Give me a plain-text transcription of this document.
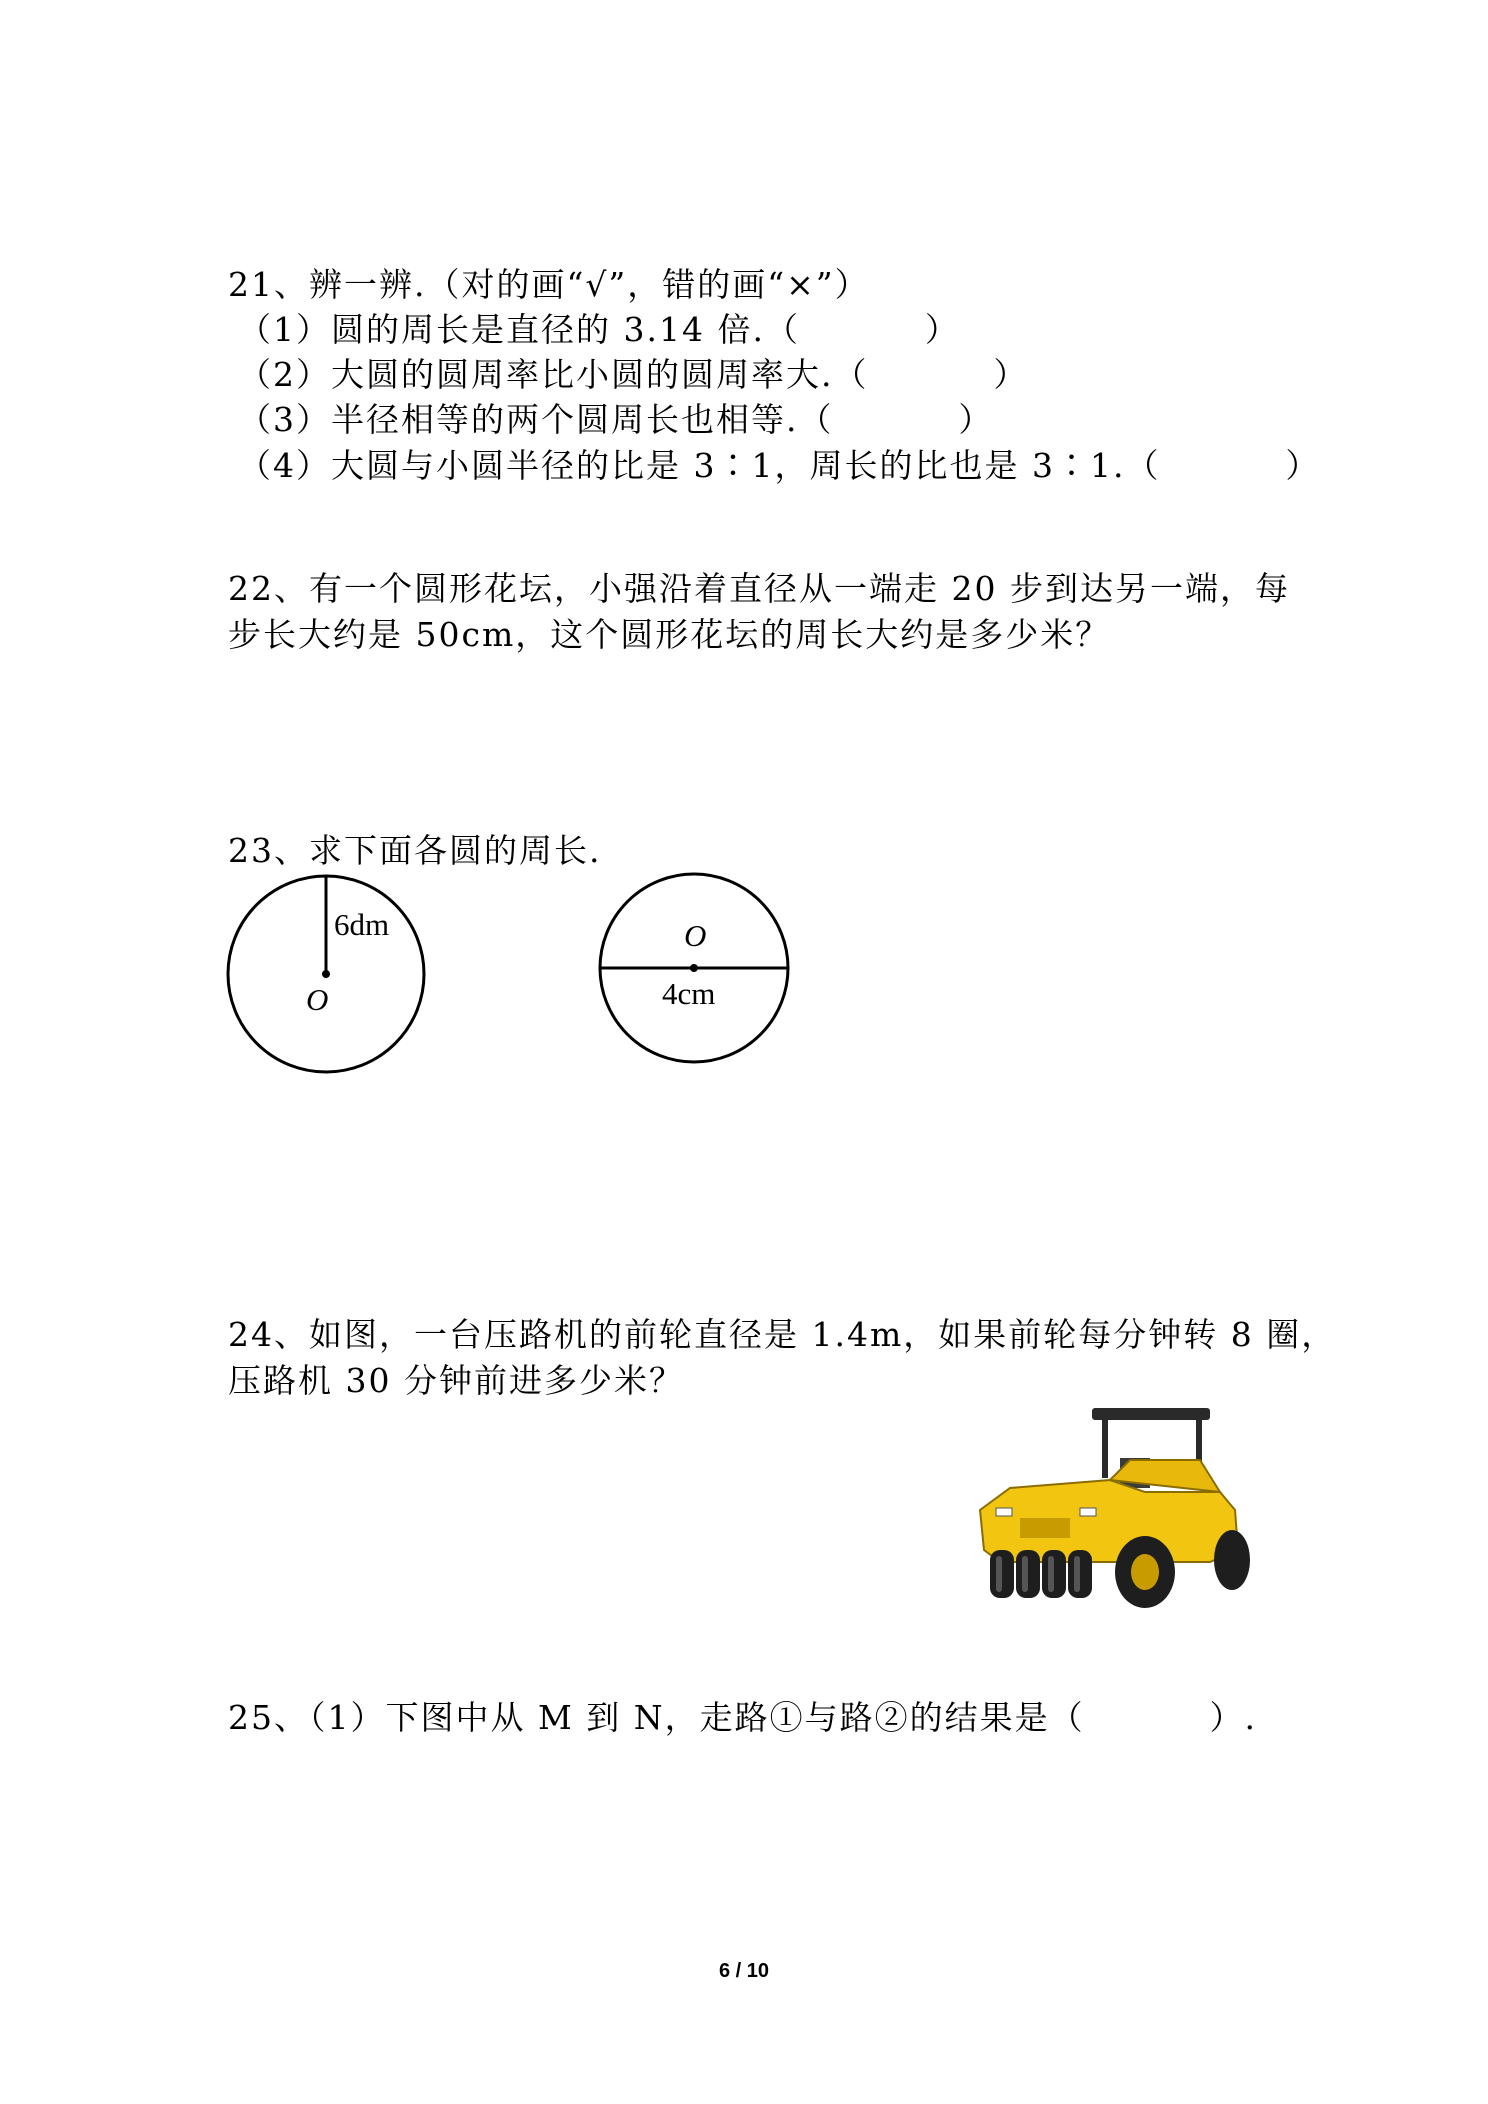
21、辨一辨.（对的画“√”，错的画“×”）
（1）圆的周长是直径的 3.14 倍.（          ）
（2）大圆的圆周率比小圆的圆周率大.（          ）
（3）半径相等的两个圆周长也相等.（          ）
（4）大圆与小圆半径的比是 3∶1，周长的比也是 3∶1.（          ）
22、有一个圆形花坛，小强沿着直径从一端走 20 步到达另一端，每
步长大约是 50cm，这个圆形花坛的周长大约是多少米？
23、求下面各圆的周长.
6dm
O
O
4cm
24、如图，一台压路机的前轮直径是 1.4m，如果前轮每分钟转 8 圈，
压路机 30 分钟前进多少米？
25、（1）下图中从 M 到 N，走路①与路②的结果是（          ）.
6 / 10
